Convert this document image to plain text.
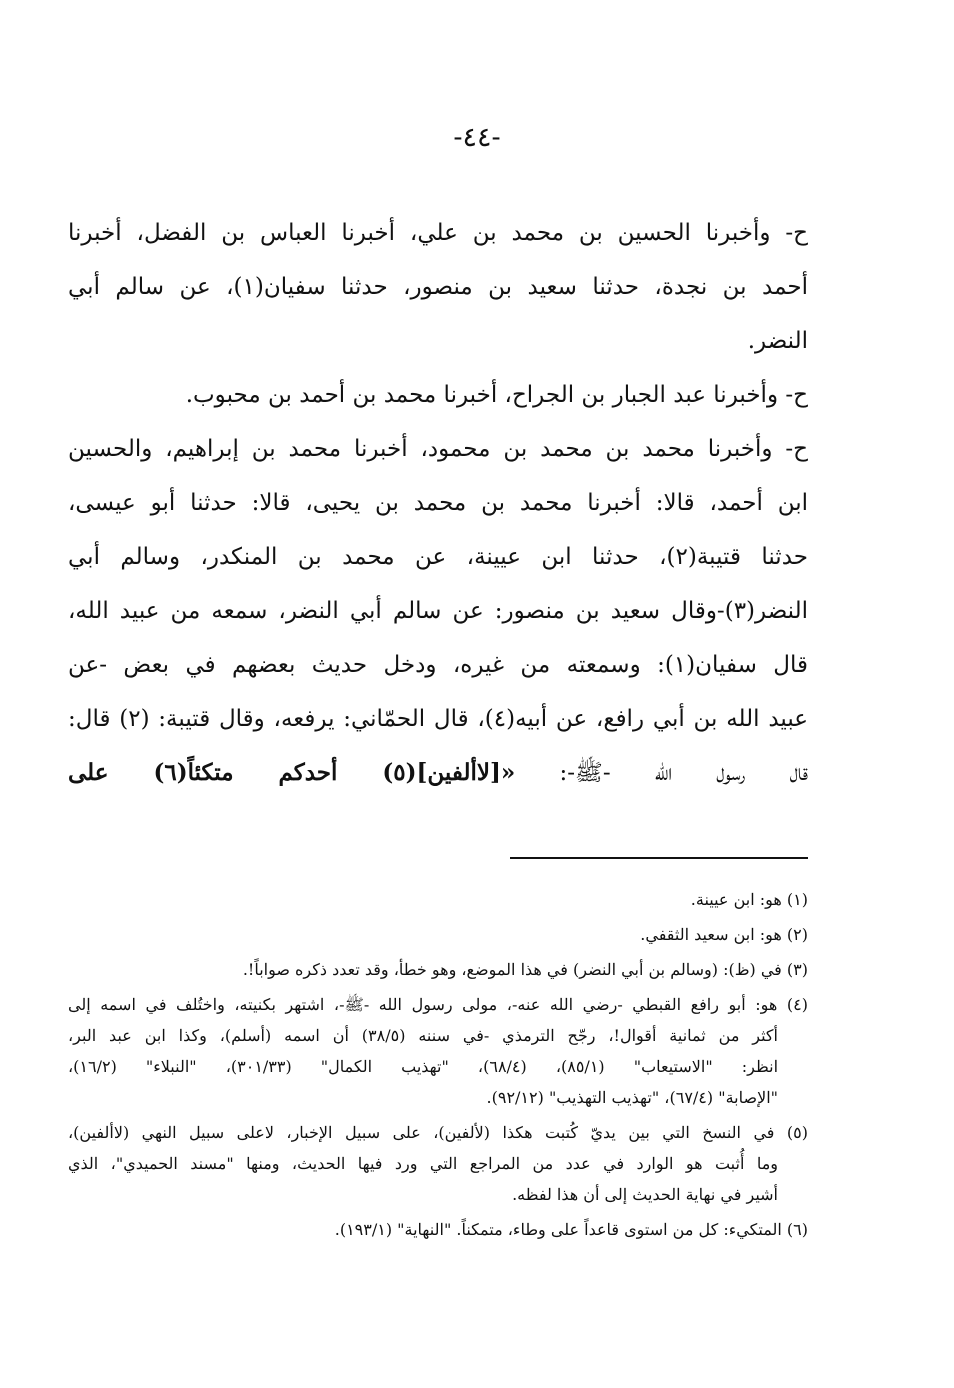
-٤٤-
ح- وأخبرنا الحسين بن محمد بن علي، أخبرنا العباس بن الفضل، أخبرنا
أحمد بن نجدة، حدثنا سعيد بن منصور، حدثنا سفيان(١)، عن سالم أبي
النضر.
ح- وأخبرنا عبد الجبار بن الجراح، أخبرنا محمد بن أحمد بن محبوب.
ح- وأخبرنا محمد بن محمد بن محمود، أخبرنا محمد بن إبراهيم، والحسين
ابن أحمد، قالا: أخبرنا محمد بن محمد بن يحيى، قالا: حدثنا أبو عيسى،
حدثنا قتيبة(٢)، حدثنا ابن عيينة، عن محمد بن المنكدر، وسالم أبي
النضر(٣)-وقال سعيد بن منصور: عن سالم أبي النضر، سمعه من عبيد الله،
قال سفيان(١): وسمعته من غيره، ودخل حديث بعضهم في بعض -عن
عبيد الله بن أبي رافع، عن أبيه(٤)، قال الحمّاني: يرفعه، وقال قتيبة: (٢) قال:
قال رسول الله -ﷺ-: «[لاألفين](٥) أحدكم متكئاً(٦) على
(١) هو: ابن عيينة.
(٢) هو: ابن سعيد الثقفي.
(٣) في (ظ): (وسالم بن أبي النضر) في هذا الموضع، وهو خطأ، وقد تعدد ذكره صواباً!.
(٤) هو: أبو رافع القبطي -رضي الله عنه-، مولى رسول الله -ﷺ-، اشتهر بكنيته، واختُلف في اسمه إلى
أكثر من ثمانية أقوال!، رجّح الترمذي -في سننه (٣٨/٥) أن اسمه (أسلم)، وكذا ابن عبد البر،
انظر: "الاستيعاب" (٨٥/١)، (٦٨/٤)، "تهذيب الكمال" (٣٠١/٣٣)، "النبلاء" (١٦/٢)،
"الإصابة" (٦٧/٤)، "تهذيب التهذيب" (٩٢/١٢).
(٥) في النسخ التي بين يديّ كُتبت هكذا (لألفين)، على سبيل الإخبار، لاعلى سبيل النهي (لاألفين)،
وما أُثبت هو الوارد في عدد من المراجع التي ورد فيها الحديث، ومنها "مسند الحميدي"، الذي
أشير في نهاية الحديث إلى أن هذا لفظه.
(٦) المتكيء: كل من استوى قاعداً على وطاء، متمكناً. "النهاية" (١٩٣/١).
